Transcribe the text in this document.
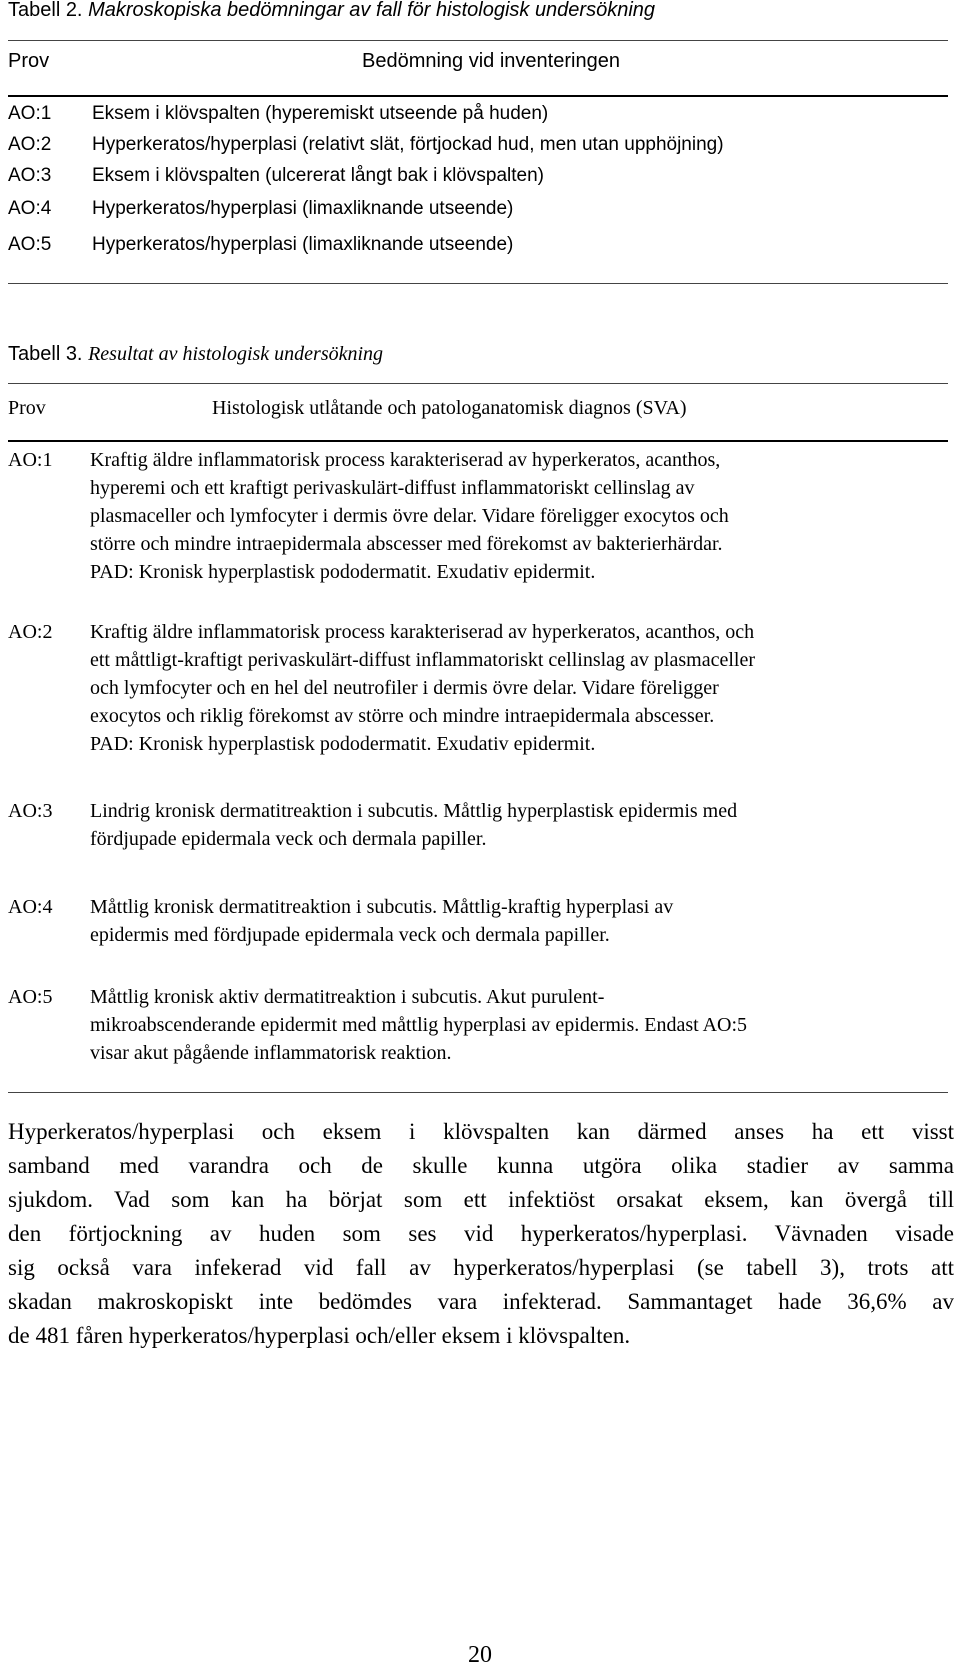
Tabell 2. Makroskopiska bedömningar av fall för histologisk undersökning
Prov	Bedömning vid inventeringen
AO:1 Eksem i klövspalten (hyperemiskt utseende på huden)
AO:2 Hyperkeratos/hyperplasi (relativt slät, förtjockad hud, men utan upphöjning)
AO:3 Eksem i klövspalten (ulcererat långt bak i klövspalten)
AO:4 Hyperkeratos/hyperplasi (limaxliknande utseende)
AO:5 Hyperkeratos/hyperplasi (limaxliknande utseende)
Tabell 3. Resultat av histologisk undersökning
Prov	Histologisk utlåtande och patologanatomisk diagnos (SVA)
AO:1 Kraftig äldre inflammatorisk process karakteriserad av hyperkeratos, acanthos,
hyperemi och ett kraftigt perivaskulärt-diffust inflammatoriskt cellinslag av
plasmaceller och lymfocyter i dermis övre delar. Vidare föreligger exocytos och
större och mindre intraepidermala abscesser med förekomst av bakterierhärdar.
PAD: Kronisk hyperplastisk pododermatit. Exudativ epidermit.
AO:2 Kraftig äldre inflammatorisk process karakteriserad av hyperkeratos, acanthos, och
ett måttligt-kraftigt perivaskulärt-diffust inflammatoriskt cellinslag av plasmaceller
och lymfocyter och en hel del neutrofiler i dermis övre delar. Vidare föreligger
exocytos och riklig förekomst av större och mindre intraepidermala abscesser.
PAD: Kronisk hyperplastisk pododermatit. Exudativ epidermit.
AO:3 Lindrig kronisk dermatitreaktion i subcutis. Måttlig hyperplastisk epidermis med
fördjupade epidermala veck och dermala papiller.
AO:4 Måttlig kronisk dermatitreaktion i subcutis. Måttlig-kraftig hyperplasi av
epidermis med fördjupade epidermala veck och dermala papiller.
AO:5 Måttlig kronisk aktiv dermatitreaktion i subcutis. Akut purulent-
mikroabscenderande epidermit med måttlig hyperplasi av epidermis. Endast AO:5
visar akut pågående inflammatorisk reaktion.
Hyperkeratos/hyperplasi och eksem i klövspalten kan därmed anses ha ett visst
samband med varandra och de skulle kunna utgöra olika stadier av samma
sjukdom. Vad som kan ha börjat som ett infektiöst orsakat eksem, kan övergå till
den förtjockning av huden som ses vid hyperkeratos/hyperplasi. Vävnaden visade
sig också vara infekerad vid fall av hyperkeratos/hyperplasi (se tabell 3), trots att
skadan makroskopiskt inte bedömdes vara infekterad. Sammantaget hade 36,6% av
de 481 fåren hyperkeratos/hyperplasi och/eller eksem i klövspalten.
20
